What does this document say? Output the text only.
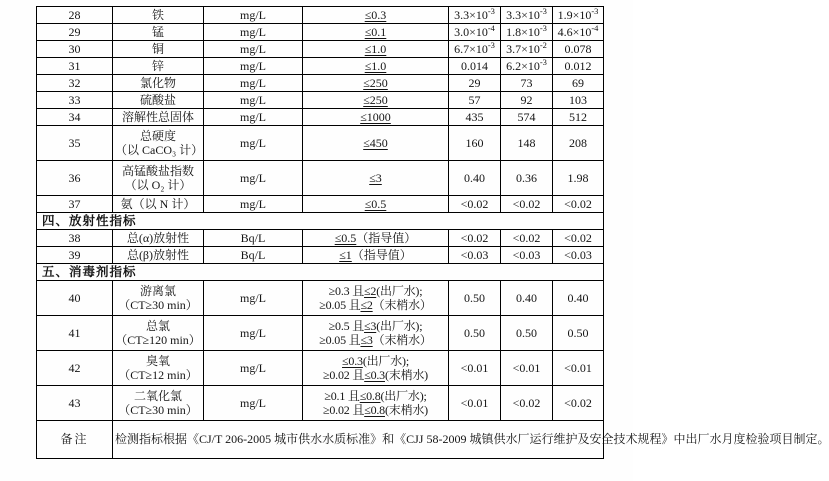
28	铁	mg/L	≤0.3	$3.3\times 10^{-3}$	$3.3\times 10^{-3}$	$1.9\times 10^{-3}$
29	锰	mg/L	≤0.1	$3.0\times 10^{-4}$	$1.8\times 10^{-3}$	$4.6\times 10^{-4}$
30	铜	mg/L	≤1.0	$6.7\times 10^{-3}$	$3.7\times 10^{-2}$	0.078
31	锌	mg/L	≤1.0	0.014	$6.2\times 10^{-3}$	0.012
32	氯化物	mg/L	≤250	29	73	69
33	硫酸盐	mg/L	≤250	57	92	103
34	溶解性总固体	mg/L	≤1000	435	574	512
35	总硬度
（以 CaCO₃ 计）	mg/L	≤450	160	148	208
36	高锰酸盐指数
（以 O₂ 计）	mg/L	≤3	0.40	0.36	1.98
37	氨（以 N 计）	mg/L	≤0.5	<0.02	<0.02	<0.02
四、放射性指标						
38	总(α)放射性	Bq/L	≤0.5（指导值）	<0.02	<0.02	<0.02
39	总(β)放射性	Bq/L	≤1（指导值）	<0.03	<0.03	<0.03
五、消毒剂指标						
40	游离氯
（CT≥30 min）	mg/L	≥0.3 且≤2(出厂水);
≥0.05 且≤2（末梢水）	0.50	0.40	0.40
41	总氯
（CT≥120 min）	mg/L	≥0.5 且≤3(出厂水);
≥0.05 且≤3（末梢水）	0.50	0.50	0.50
42	臭氧
（CT≥12 min）	mg/L	≤0.3(出厂水);
≥0.02 且≤0.3(末梢水)	<0.01	<0.01	<0.01
43	二氧化氯
（CT≥30 min）	mg/L	≥0.1 且≤0.8(出厂水);
≥0.02 且≤0.8(末梢水)	<0.01	<0.02	<0.02
备注	检测指标根据《CJ/T 206-2005 城市供水水质标准》和《CJJ 58-2009 城镇供水厂运行维护及安全技术规程》中出厂水月度检验项目制定。					
